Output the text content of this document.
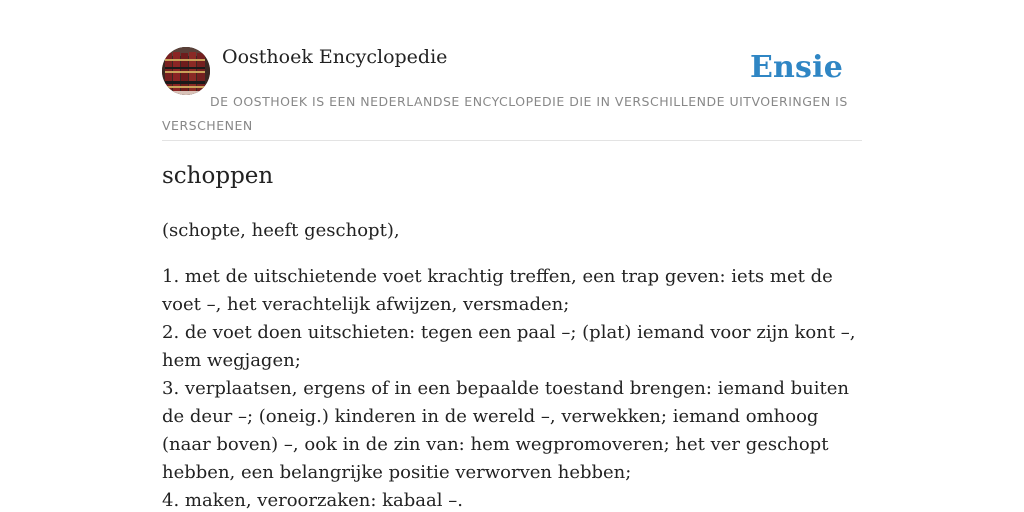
Oosthoek Encyclopedie	Ensie
DE OOSTHOEK IS EEN NEDERLANDSE ENCYCLOPEDIE DIE IN VERSCHILLENDE UITVOERINGEN IS VERSCHENEN
schoppen
(schopte, heeft geschopt),
1. met de uitschietende voet krachtig treffen, een trap geven: iets met de voet –, het verachtelijk afwijzen, versmaden;
2. de voet doen uitschieten: tegen een paal –; (plat) iemand voor zijn kont –, hem wegjagen;
3. verplaatsen, ergens of in een bepaalde toestand brengen: iemand buiten de deur –; (oneig.) kinderen in de wereld –, verwekken; iemand omhoog (naar boven) –, ook in de zin van: hem wegpromoveren; het ver geschopt hebben, een belangrijke positie verworven hebben;
4. maken, veroorzaken: kabaal –.
